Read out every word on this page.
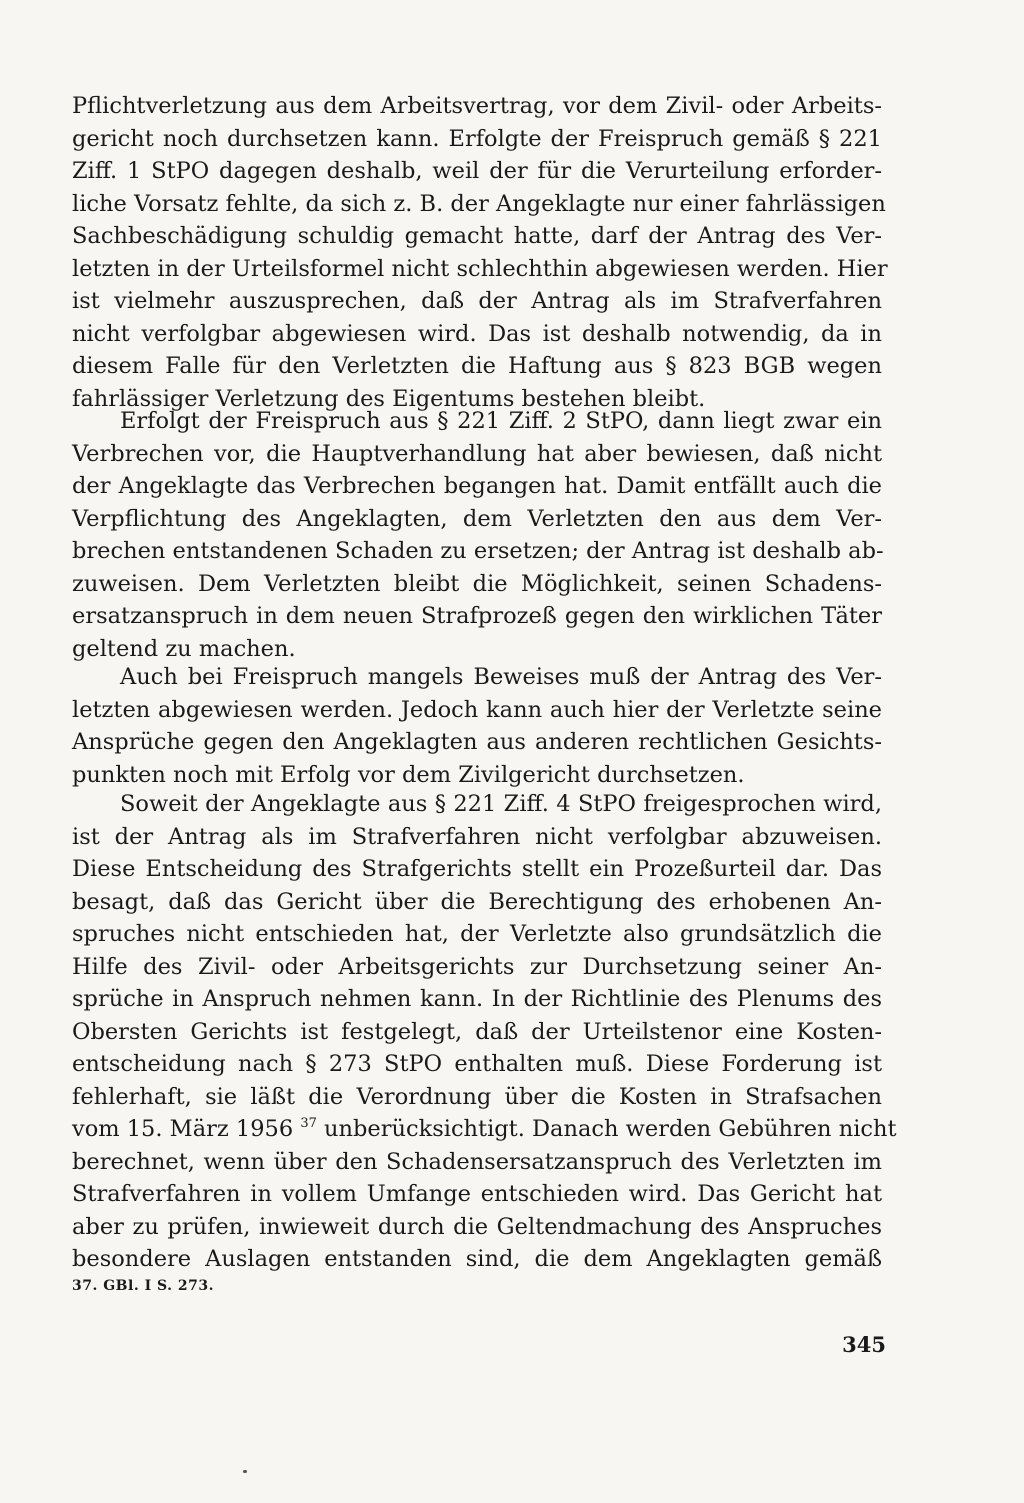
Pflichtverletzung aus dem Arbeitsvertrag, vor dem Zivil- oder Arbeits-
gericht noch durchsetzen kann. Erfolgte der Freispruch gemäß § 221
Ziff. 1 StPO dagegen deshalb, weil der für die Verurteilung erforder-
liche Vorsatz fehlte, da sich z. B. der Angeklagte nur einer fahrlässigen
Sachbeschädigung schuldig gemacht hatte, darf der Antrag des Ver-
letzten in der Urteilsformel nicht schlechthin abgewiesen werden. Hier
ist vielmehr auszusprechen, daß der Antrag als im Strafverfahren
nicht verfolgbar abgewiesen wird. Das ist deshalb notwendig, da in
diesem Falle für den Verletzten die Haftung aus § 823 BGB wegen
fahrlässiger Verletzung des Eigentums bestehen bleibt.
Erfolgt der Freispruch aus § 221 Ziff. 2 StPO, dann liegt zwar ein
Verbrechen vor, die Hauptverhandlung hat aber bewiesen, daß nicht
der Angeklagte das Verbrechen begangen hat. Damit entfällt auch die
Verpflichtung des Angeklagten, dem Verletzten den aus dem Ver-
brechen entstandenen Schaden zu ersetzen; der Antrag ist deshalb ab-
zuweisen. Dem Verletzten bleibt die Möglichkeit, seinen Schadens-
ersatzanspruch in dem neuen Strafprozeß gegen den wirklichen Täter
geltend zu machen.
Auch bei Freispruch mangels Beweises muß der Antrag des Ver-
letzten abgewiesen werden. Jedoch kann auch hier der Verletzte seine
Ansprüche gegen den Angeklagten aus anderen rechtlichen Gesichts-
punkten noch mit Erfolg vor dem Zivilgericht durchsetzen.
Soweit der Angeklagte aus § 221 Ziff. 4 StPO freigesprochen wird,
ist der Antrag als im Strafverfahren nicht verfolgbar abzuweisen.
Diese Entscheidung des Strafgerichts stellt ein Prozeßurteil dar. Das
besagt, daß das Gericht über die Berechtigung des erhobenen An-
spruches nicht entschieden hat, der Verletzte also grundsätzlich die
Hilfe des Zivil- oder Arbeitsgerichts zur Durchsetzung seiner An-
sprüche in Anspruch nehmen kann. In der Richtlinie des Plenums des
Obersten Gerichts ist festgelegt, daß der Urteilstenor eine Kosten-
entscheidung nach § 273 StPO enthalten muß. Diese Forderung ist
fehlerhaft, sie läßt die Verordnung über die Kosten in Strafsachen
vom 15. März 1956 $^{37}$ unberücksichtigt. Danach werden Gebühren nicht
berechnet, wenn über den Schadensersatzanspruch des Verletzten im
Strafverfahren in vollem Umfange entschieden wird. Das Gericht hat
aber zu prüfen, inwieweit durch die Geltendmachung des Anspruches
besondere Auslagen entstanden sind, die dem Angeklagten gemäß
37. GBl. I S. 273.
345
